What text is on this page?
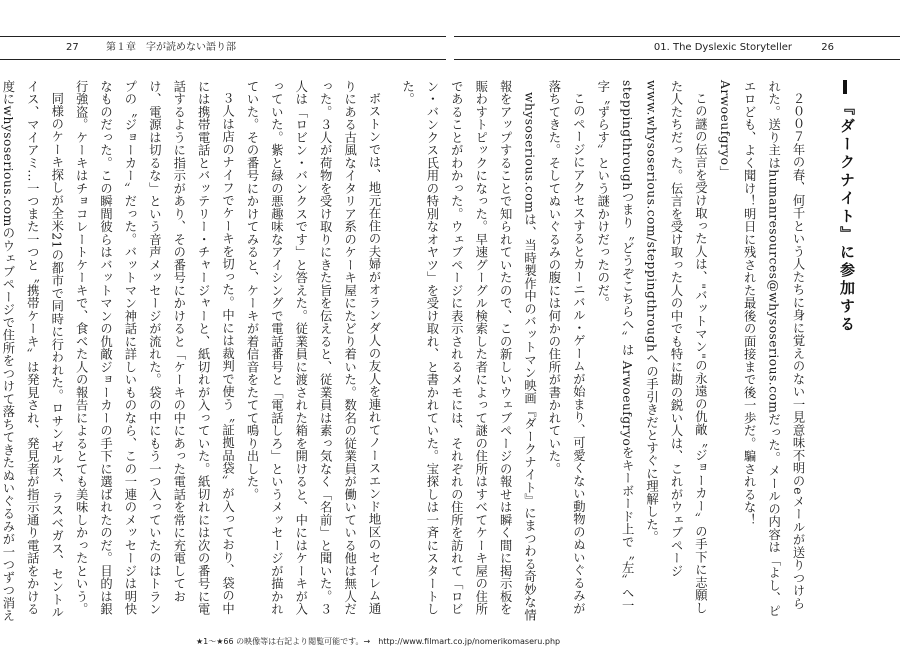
27	第１章　字が読めない語り部	01. The Dyslexic Storyteller	26
『ダークナイト』に参加する

２００７年の春、何千という人たちに身に覚えのない一見意味不明のeメールが送りつけられた。送り主はhumanresources@whysoserious.comだった。メールの内容は「よし、ピエロども、よく聞け！明日に残された最後の面接まで後一歩だ。騙されるな！　Arwoeufgryo」

この謎の伝言を受け取った人は、"バットマン"の永遠の仇敵〝ジョーカー〟の手下に志願した人たちだった。伝言を受け取った人の中でも特に勘の鋭い人は、これがウェブページwww.whysoserious.com/steppingthroughへの手引きだとすぐに理解した。steppingthroughつまり〝どうぞこちらへ〟は Arwoeufgryoをキーボード上で〝左〟へ一字〝ずらす〟という謎かけだったのだ。

このページにアクセスするとカーニバル・ゲームが始まり、可愛くない動物のぬいぐるみが落ちてきた。そしてぬいぐるみの腹には何かの住所が書かれていた。

whysoserious.comは、当時製作中のバットマン映画『ダークナイト』にまつわる奇妙な情報をアップすることで知られていたので、この新しいウェブページの報せは瞬く間に掲示板を賑わすトピックになった。早速グーグル検索した者によって謎の住所はすべてケーキ屋の住所であることがわかった。ウェブページに表示されるメモには、それぞれの住所を訪れて「ロビン・バンクス氏用の特別なオヤツ」を受け取れ、と書かれていた。宝探しは一斉にスタートした。

ボストンでは、地元在住の夫婦がオランダ人の友人を連れてノースエンド地区のセイレム通りにある古風なイタリア系のケーキ屋にたどり着いた。数名の従業員が働いている他は無人だった。３人が荷物を受け取りにきた旨を伝えると、従業員は素っ気なく「名前」と聞いた。３人は「ロビン・バンクスです」と答えた。従業員に渡された箱を開けると、中にはケーキが入っていた。紫と緑の悪趣味なアイシングで電話番号と「電話しろ」というメッセージが描かれていた。その番号にかけてみると、ケーキが着信音をたてて鳴り出した。

３人は店のナイフでケーキを切った。中には裁判で使う〝証拠品袋〟が入っており、袋の中には携帯電話とバッテリー・チャージャーと、紙切れが入っていた。紙切れには次の番号に電話するように指示があり、その番号にかけると「ケーキの中にあった電話を常に充電しておけ、電源は切るな」という音声メッセージが流れた。袋の中にもう一つ入っていたのはトランプの〝ジョーカー〟だった。バットマン神話に詳しいものなら、この一連のメッセージは明快なものだった。この瞬間彼らはバットマンの仇敵ジョーカーの手下に選ばれたのだ。目的は銀行強盗。ケーキはチョコレートケーキで、食べた人の報告によるとても美味しかったという。

同様のケーキ探しが全米21の都市で同時に行われた。ロサンゼルス、ラスベガス、セントルイス、マイアミ…一つまた一つと〝携帯ケーキ〟は発見され、発見者が指示通り電話をかける度にwhysoserious.comのウェブページで住所をつけて落ちてきたぬいぐるみが一つずつ消え

★1～★66 の映像等は右記より閲覧可能です。→　http://www.filmart.co.jp/nomerikomaseru.php
